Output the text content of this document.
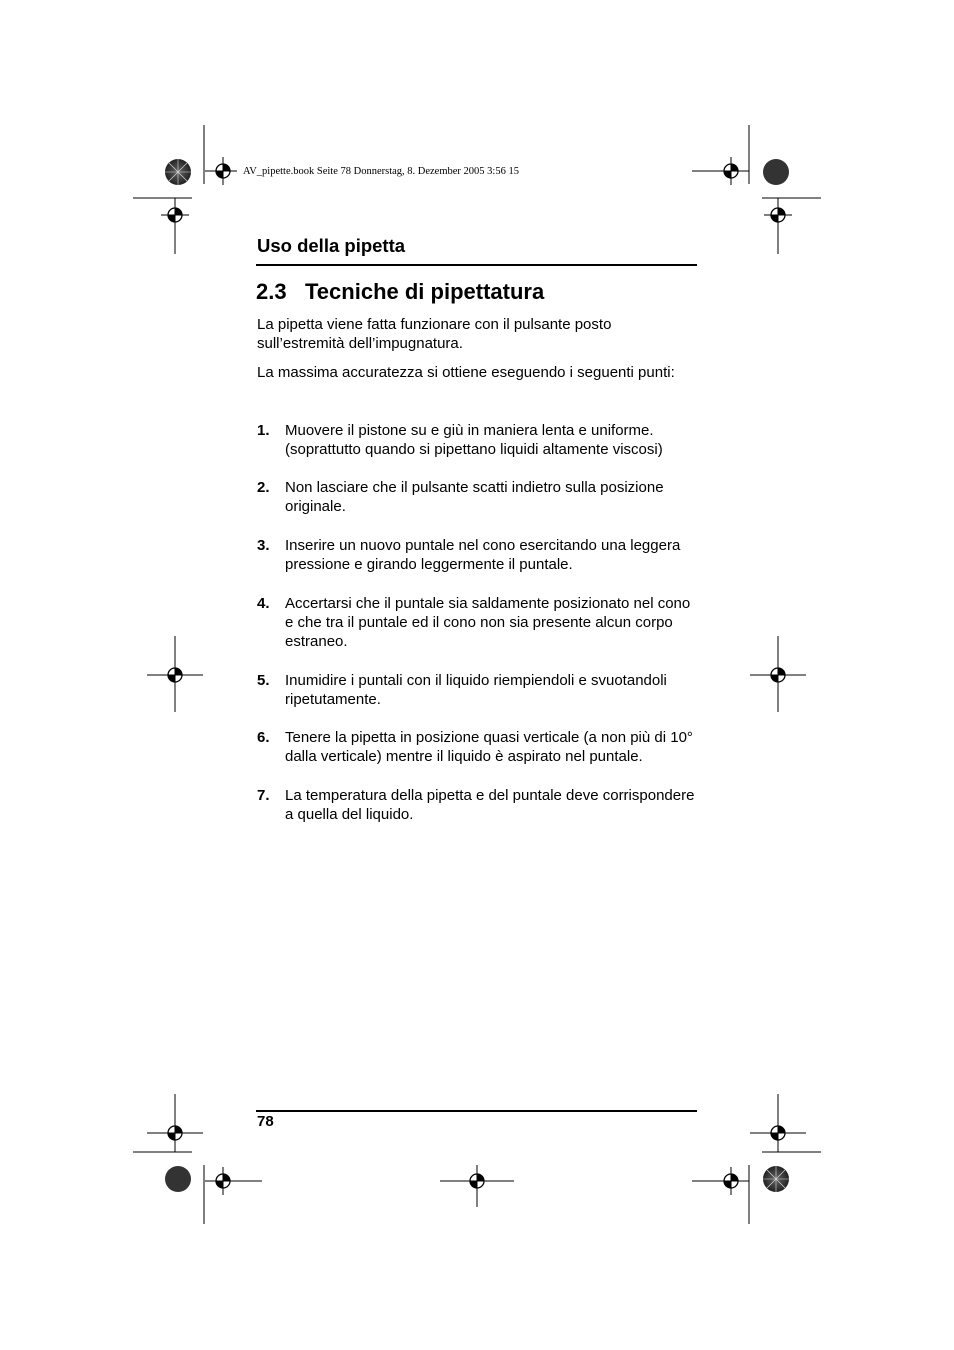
AV_pipette.book Seite 78 Donnerstag, 8. Dezember 2005 3:56 15
Uso della pipetta
2.3 Tecniche di pipettatura

La pipetta viene fatta funzionare con il pulsante posto sull’estremità dell’impugnatura.

La massima accuratezza si ottiene eseguendo i seguenti punti:

1. Muovere il pistone su e giù in maniera lenta e uniforme. (soprattutto quando si pipettano liquidi altamente viscosi)
2. Non lasciare che il pulsante scatti indietro sulla posizione originale.
3. Inserire un nuovo puntale nel cono esercitando una leggera pressione e girando leggermente il puntale.
4. Accertarsi che il puntale sia saldamente posizionato nel cono e che tra il puntale ed il cono non sia presente alcun corpo estraneo.
5. Inumidire i puntali con il liquido riempiendoli e svuotandoli ripetutamente.
6. Tenere la pipetta in posizione quasi verticale (a non più di 10° dalla verticale) mentre il liquido è aspirato nel puntale.
7. La temperatura della pipetta e del puntale deve corrispondere a quella del liquido.
78
